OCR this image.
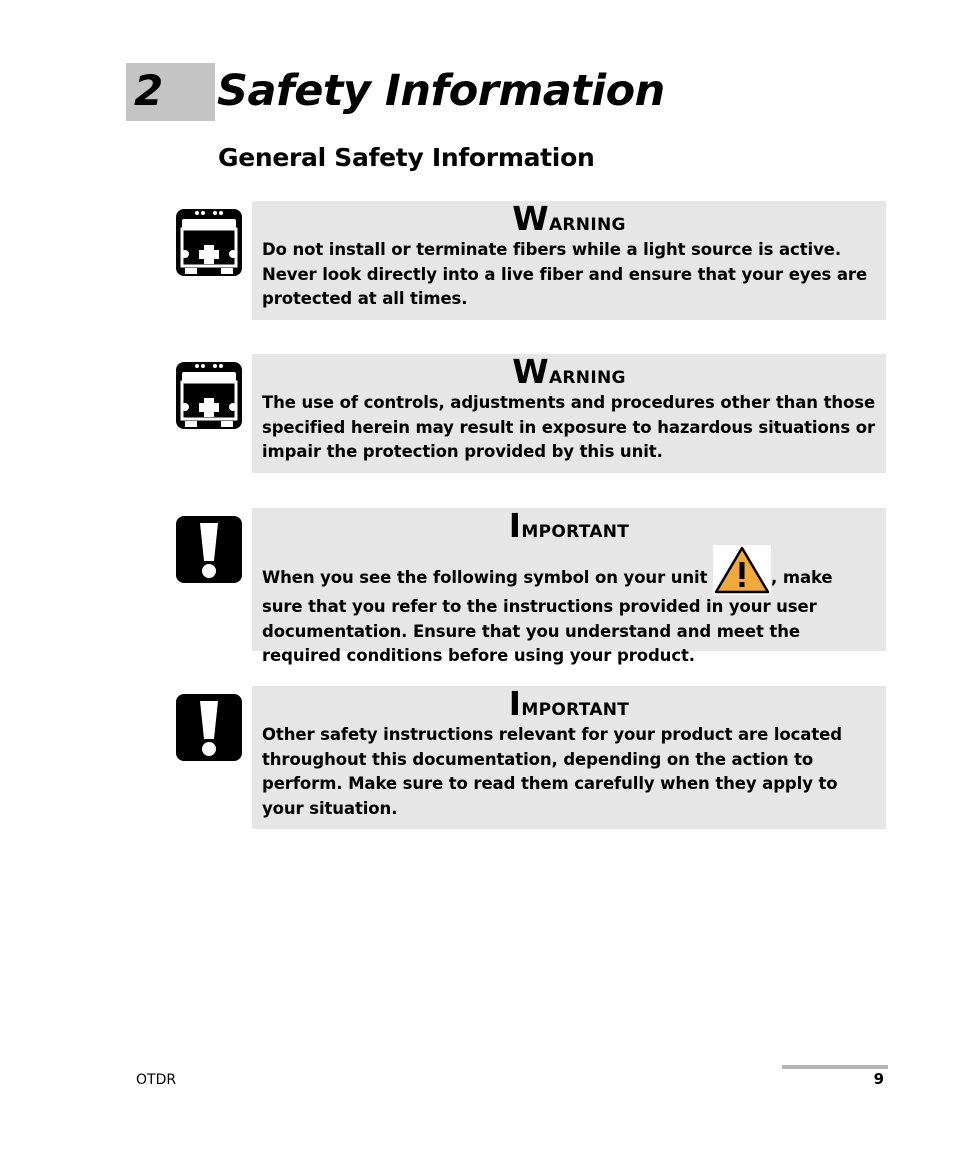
2 Safety Information
General Safety Information
Warning
Do not install or terminate fibers while a light source is active. Never look directly into a live fiber and ensure that your eyes are protected at all times.
Warning
The use of controls, adjustments and procedures other than those specified herein may result in exposure to hazardous situations or impair the protection provided by this unit.
Important
When you see the following symbol on your unit	, make sure that you refer to the instructions provided in your user documentation. Ensure that you understand and meet the required conditions before using your product.
Important
Other safety instructions relevant for your product are located throughout this documentation, depending on the action to perform. Make sure to read them carefully when they apply to your situation.
OTDR	9
